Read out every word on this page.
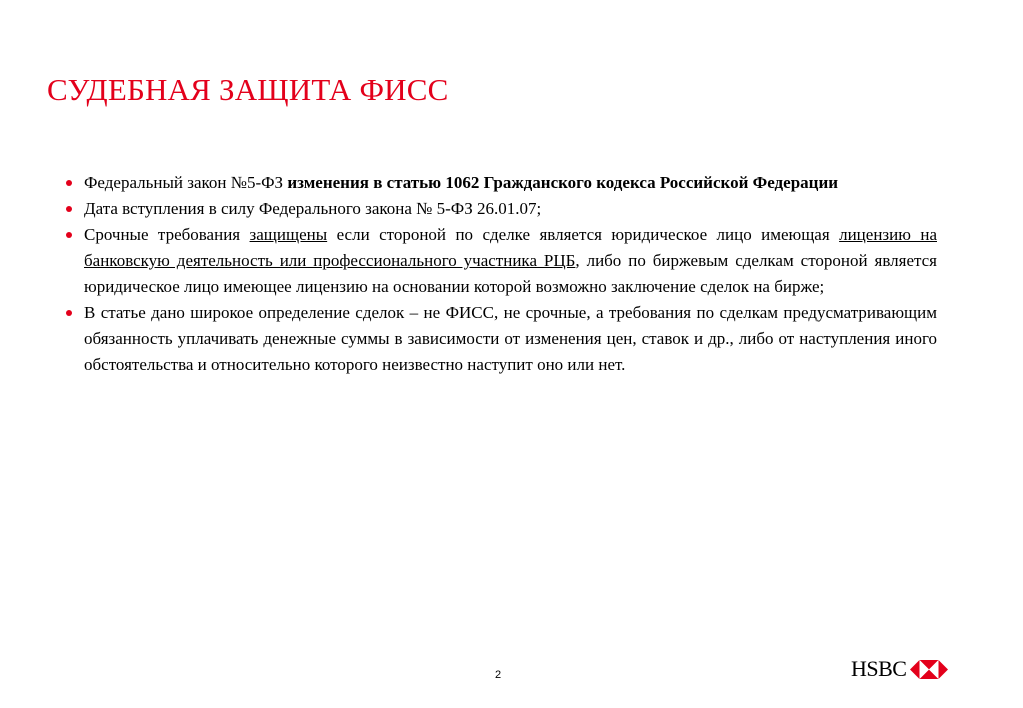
СУДЕБНАЯ ЗАЩИТА ФИСС

Федеральный закон №5-ФЗ изменения в статью 1062 Гражданского кодекса Российской Федерации

Дата вступления в силу Федерального закона № 5-ФЗ 26.01.07;

Срочные требования защищены если стороной по сделке является юридическое лицо имеющая лицензию на банковскую деятельность или профессионального участника РЦБ, либо по биржевым сделкам стороной является юридическое лицо имеющее лицензию на основании которой возможно заключение сделок на бирже;

В статье дано широкое определение сделок – не ФИСС, не срочные, а требования по сделкам предусматривающим обязанность уплачивать денежные суммы в зависимости от изменения цен, ставок и др., либо от наступления иного обстоятельства и относительно которого неизвестно наступит оно или нет.

2	HSBC
